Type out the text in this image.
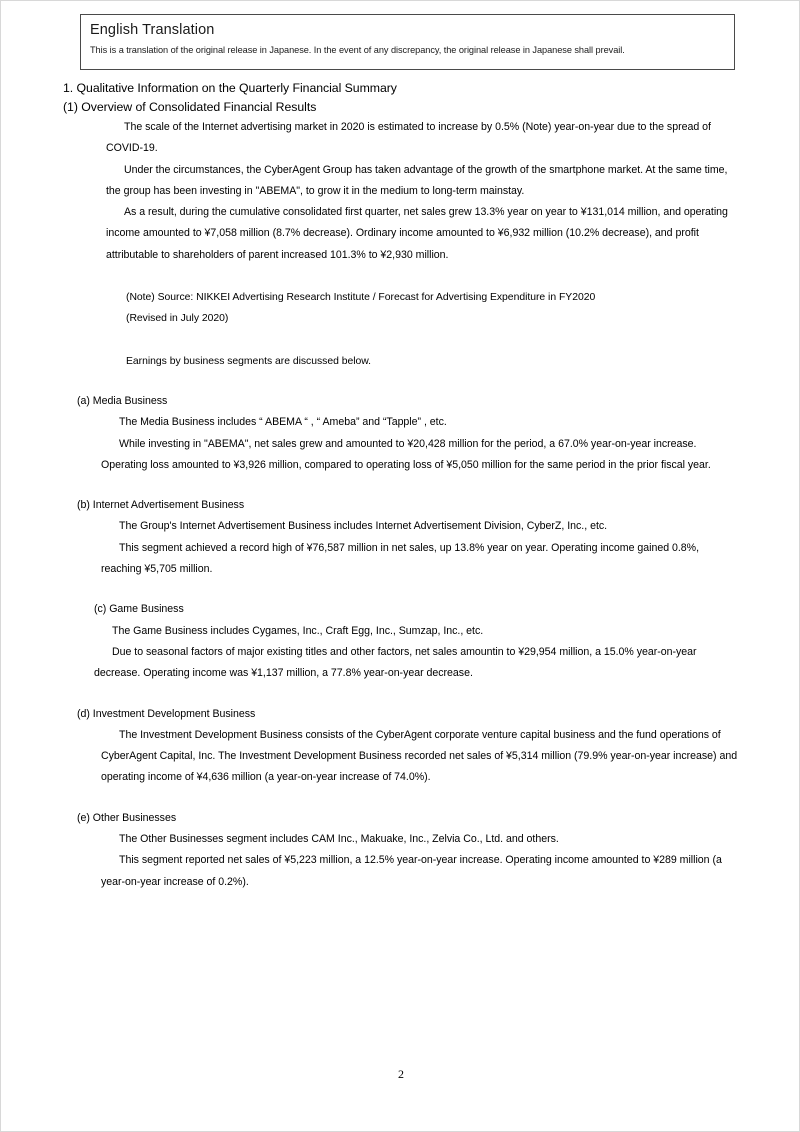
English Translation
This is a translation of the original release in Japanese. In the event of any discrepancy, the original release in Japanese shall prevail.
1. Qualitative Information on the Quarterly Financial Summary
(1) Overview of Consolidated Financial Results
The scale of the Internet advertising market in 2020 is estimated to increase by 0.5% (Note) year-on-year due to the spread of COVID-19.
Under the circumstances, the CyberAgent Group has taken advantage of the growth of the smartphone market. At the same time, the group has been investing in "ABEMA", to grow it in the medium to long-term mainstay.
As a result, during the cumulative consolidated first quarter, net sales grew 13.3% year on year to ¥131,014 million, and operating income amounted to ¥7,058 million (8.7% decrease). Ordinary income amounted to ¥6,932 million (10.2% decrease), and profit attributable to shareholders of parent increased 101.3% to ¥2,930 million.
(Note) Source: NIKKEI Advertising Research Institute / Forecast for Advertising Expenditure in FY2020
(Revised in July 2020)
Earnings by business segments are discussed below.
(a) Media Business
The Media Business includes “ ABEMA “ , “ Ameba” and “Tapple” , etc.
While investing in "ABEMA", net sales grew and amounted to ¥20,428 million for the period, a 67.0% year-on-year increase. Operating loss amounted to ¥3,926 million, compared to operating loss of ¥5,050 million for the same period in the prior fiscal year.
(b) Internet Advertisement Business
The Group's Internet Advertisement Business includes Internet Advertisement Division, CyberZ, Inc., etc.
This segment achieved a record high of ¥76,587 million in net sales, up 13.8% year on year. Operating income gained 0.8%, reaching ¥5,705 million.
(c) Game Business
The Game Business includes Cygames, Inc., Craft Egg, Inc., Sumzap, Inc., etc.
Due to seasonal factors of major existing titles and other factors, net sales amountin to ¥29,954 million, a 15.0% year-on-year decrease. Operating income was ¥1,137 million, a 77.8% year-on-year decrease.
(d) Investment Development Business
The Investment Development Business consists of the CyberAgent corporate venture capital business and the fund operations of CyberAgent Capital, Inc. The Investment Development Business recorded net sales of ¥5,314 million (79.9% year-on-year increase) and operating income of ¥4,636 million (a year-on-year increase of 74.0%).
(e) Other Businesses
The Other Businesses segment includes CAM Inc., Makuake, Inc., Zelvia Co., Ltd. and others.
This segment reported net sales of ¥5,223 million, a 12.5% year-on-year increase. Operating income amounted to ¥289 million (a year-on-year increase of 0.2%).
2
